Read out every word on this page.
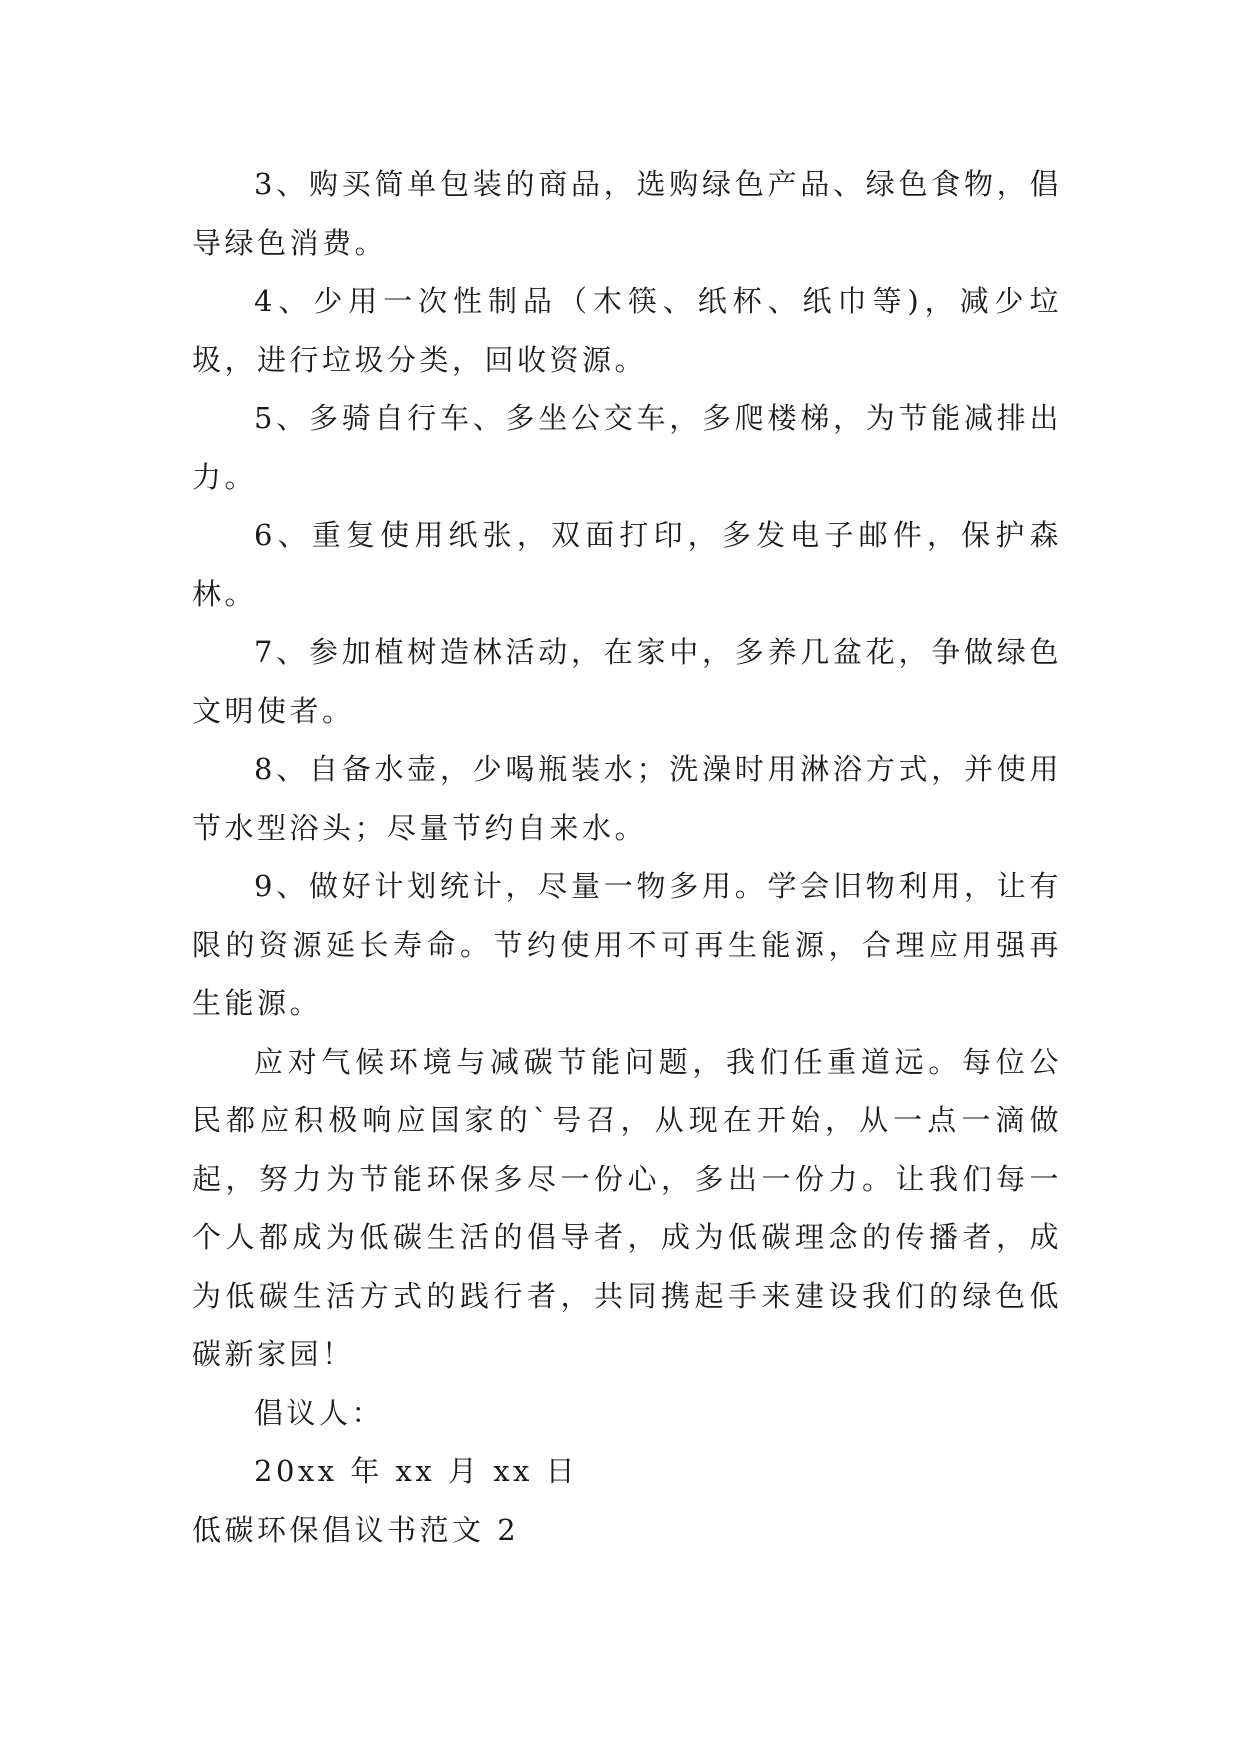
3、购买简单包装的商品，选购绿色产品、绿色食物，倡导绿色消费。

4、少用一次性制品（木筷、纸杯、纸巾等)，减少垃圾，进行垃圾分类，回收资源。

5、多骑自行车、多坐公交车，多爬楼梯，为节能减排出力。

6、重复使用纸张，双面打印，多发电子邮件，保护森林。

7、参加植树造林活动，在家中，多养几盆花，争做绿色文明使者。

8、自备水壶，少喝瓶装水；洗澡时用淋浴方式，并使用节水型浴头；尽量节约自来水。

9、做好计划统计，尽量一物多用。学会旧物利用，让有限的资源延长寿命。节约使用不可再生能源，合理应用强再生能源。

应对气候环境与减碳节能问题，我们任重道远。每位公民都应积极响应国家的`号召，从现在开始，从一点一滴做起，努力为节能环保多尽一份心，多出一份力。让我们每一个人都成为低碳生活的倡导者，成为低碳理念的传播者，成为低碳生活方式的践行者，共同携起手来建设我们的绿色低碳新家园！

倡议人：

20xx 年 xx 月 xx 日

低碳环保倡议书范文 2
